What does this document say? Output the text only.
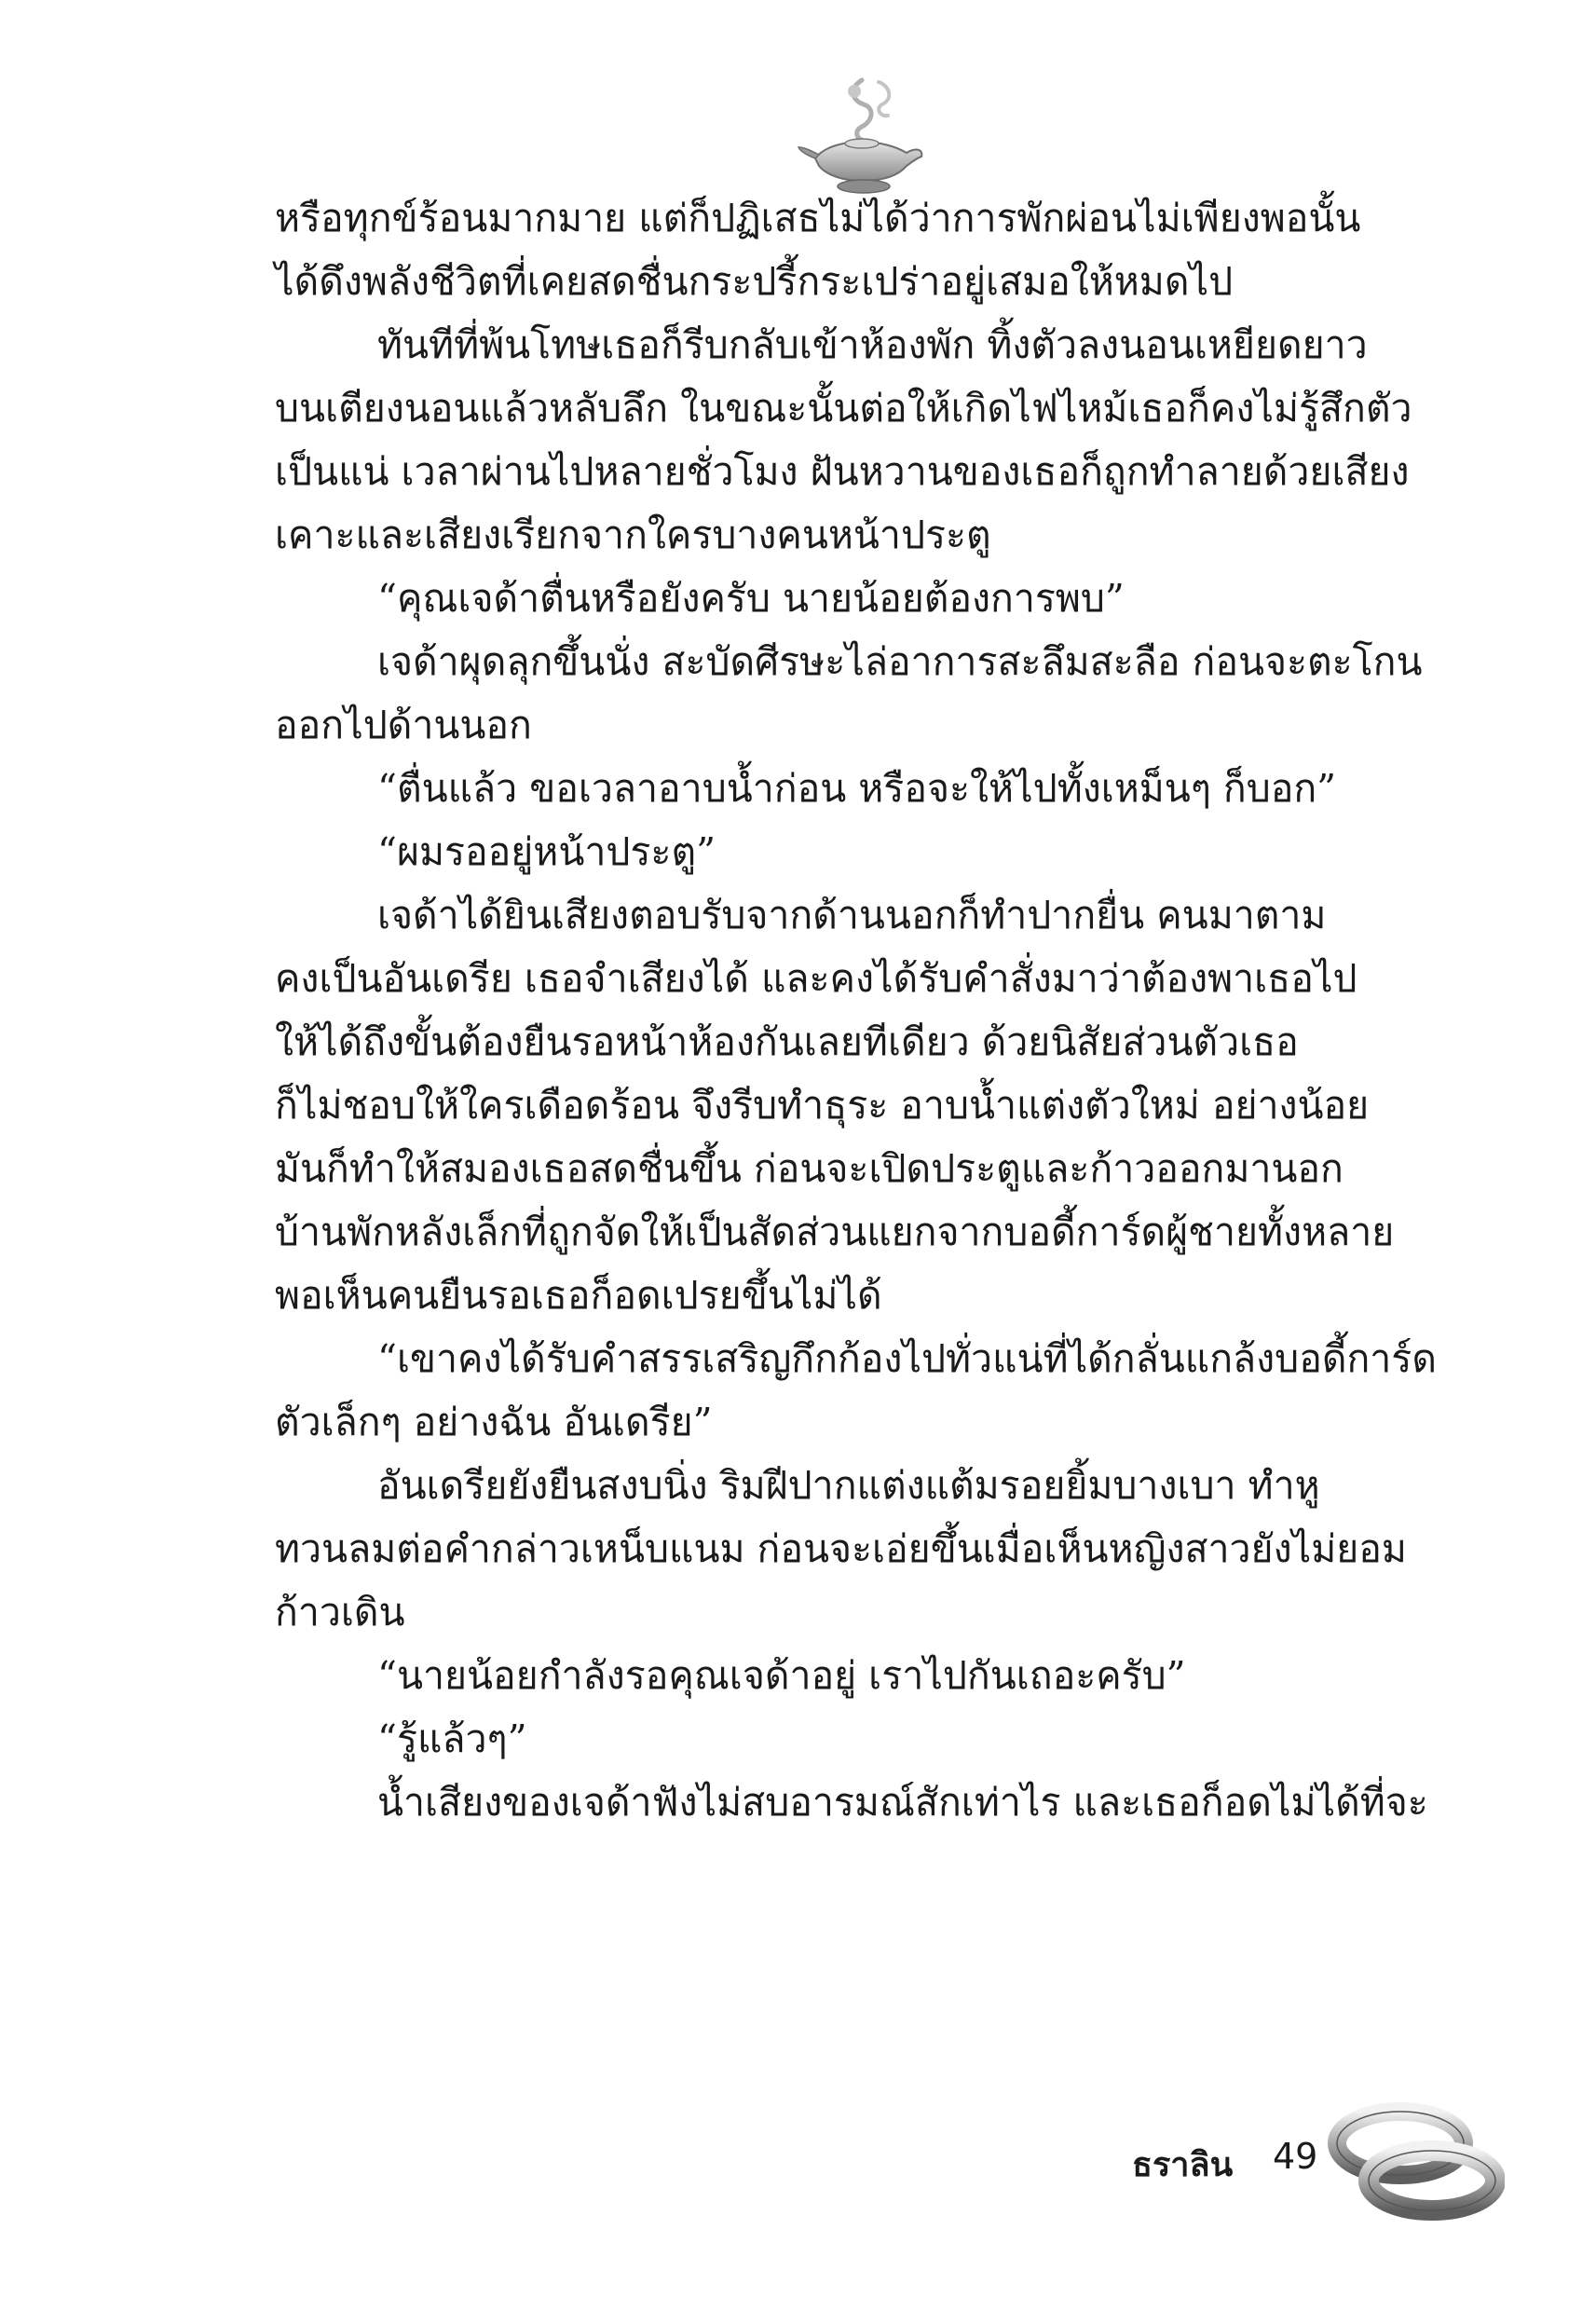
หรือทุกข์ร้อนมากมาย แต่ก็ปฏิเสธไม่ได้ว่าการพักผ่อนไม่เพียงพอนั้น
ได้ดึงพลังชีวิตที่เคยสดชื่นกระปรี้กระเปร่าอยู่เสมอให้หมดไป
ทันทีที่พ้นโทษเธอก็รีบกลับเข้าห้องพัก ทิ้งตัวลงนอนเหยียดยาว
บนเตียงนอนแล้วหลับลึก ในขณะนั้นต่อให้เกิดไฟไหม้เธอก็คงไม่รู้สึกตัว
เป็นแน่ เวลาผ่านไปหลายชั่วโมง ฝันหวานของเธอก็ถูกทำลายด้วยเสียง
เคาะและเสียงเรียกจากใครบางคนหน้าประตู
“คุณเจด้าตื่นหรือยังครับ นายน้อยต้องการพบ”
เจด้าผุดลุกขึ้นนั่ง สะบัดศีรษะไล่อาการสะลึมสะลือ ก่อนจะตะโกน
ออกไปด้านนอก
“ตื่นแล้ว ขอเวลาอาบน้ำก่อน หรือจะให้ไปทั้งเหม็นๆ ก็บอก”
“ผมรออยู่หน้าประตู”
เจด้าได้ยินเสียงตอบรับจากด้านนอกก็ทำปากยื่น คนมาตาม
คงเป็นอันเดรีย เธอจำเสียงได้ และคงได้รับคำสั่งมาว่าต้องพาเธอไป
ให้ได้ถึงขั้นต้องยืนรอหน้าห้องกันเลยทีเดียว ด้วยนิสัยส่วนตัวเธอ
ก็ไม่ชอบให้ใครเดือดร้อน จึงรีบทำธุระ อาบน้ำแต่งตัวใหม่ อย่างน้อย
มันก็ทำให้สมองเธอสดชื่นขึ้น ก่อนจะเปิดประตูและก้าวออกมานอก
บ้านพักหลังเล็กที่ถูกจัดให้เป็นสัดส่วนแยกจากบอดี้การ์ดผู้ชายทั้งหลาย
พอเห็นคนยืนรอเธอก็อดเปรยขึ้นไม่ได้
“เขาคงได้รับคำสรรเสริญกึกก้องไปทั่วแน่ที่ได้กลั่นแกล้งบอดี้การ์ด
ตัวเล็กๆ อย่างฉัน อันเดรีย”
อันเดรียยังยืนสงบนิ่ง ริมฝีปากแต่งแต้มรอยยิ้มบางเบา ทำหู
ทวนลมต่อคำกล่าวเหน็บแนม ก่อนจะเอ่ยขึ้นเมื่อเห็นหญิงสาวยังไม่ยอม
ก้าวเดิน
“นายน้อยกำลังรอคุณเจด้าอยู่ เราไปกันเถอะครับ”
“รู้แล้วๆ”
น้ำเสียงของเจด้าฟังไม่สบอารมณ์สักเท่าไร และเธอก็อดไม่ได้ที่จะ
ธราลิน 49
